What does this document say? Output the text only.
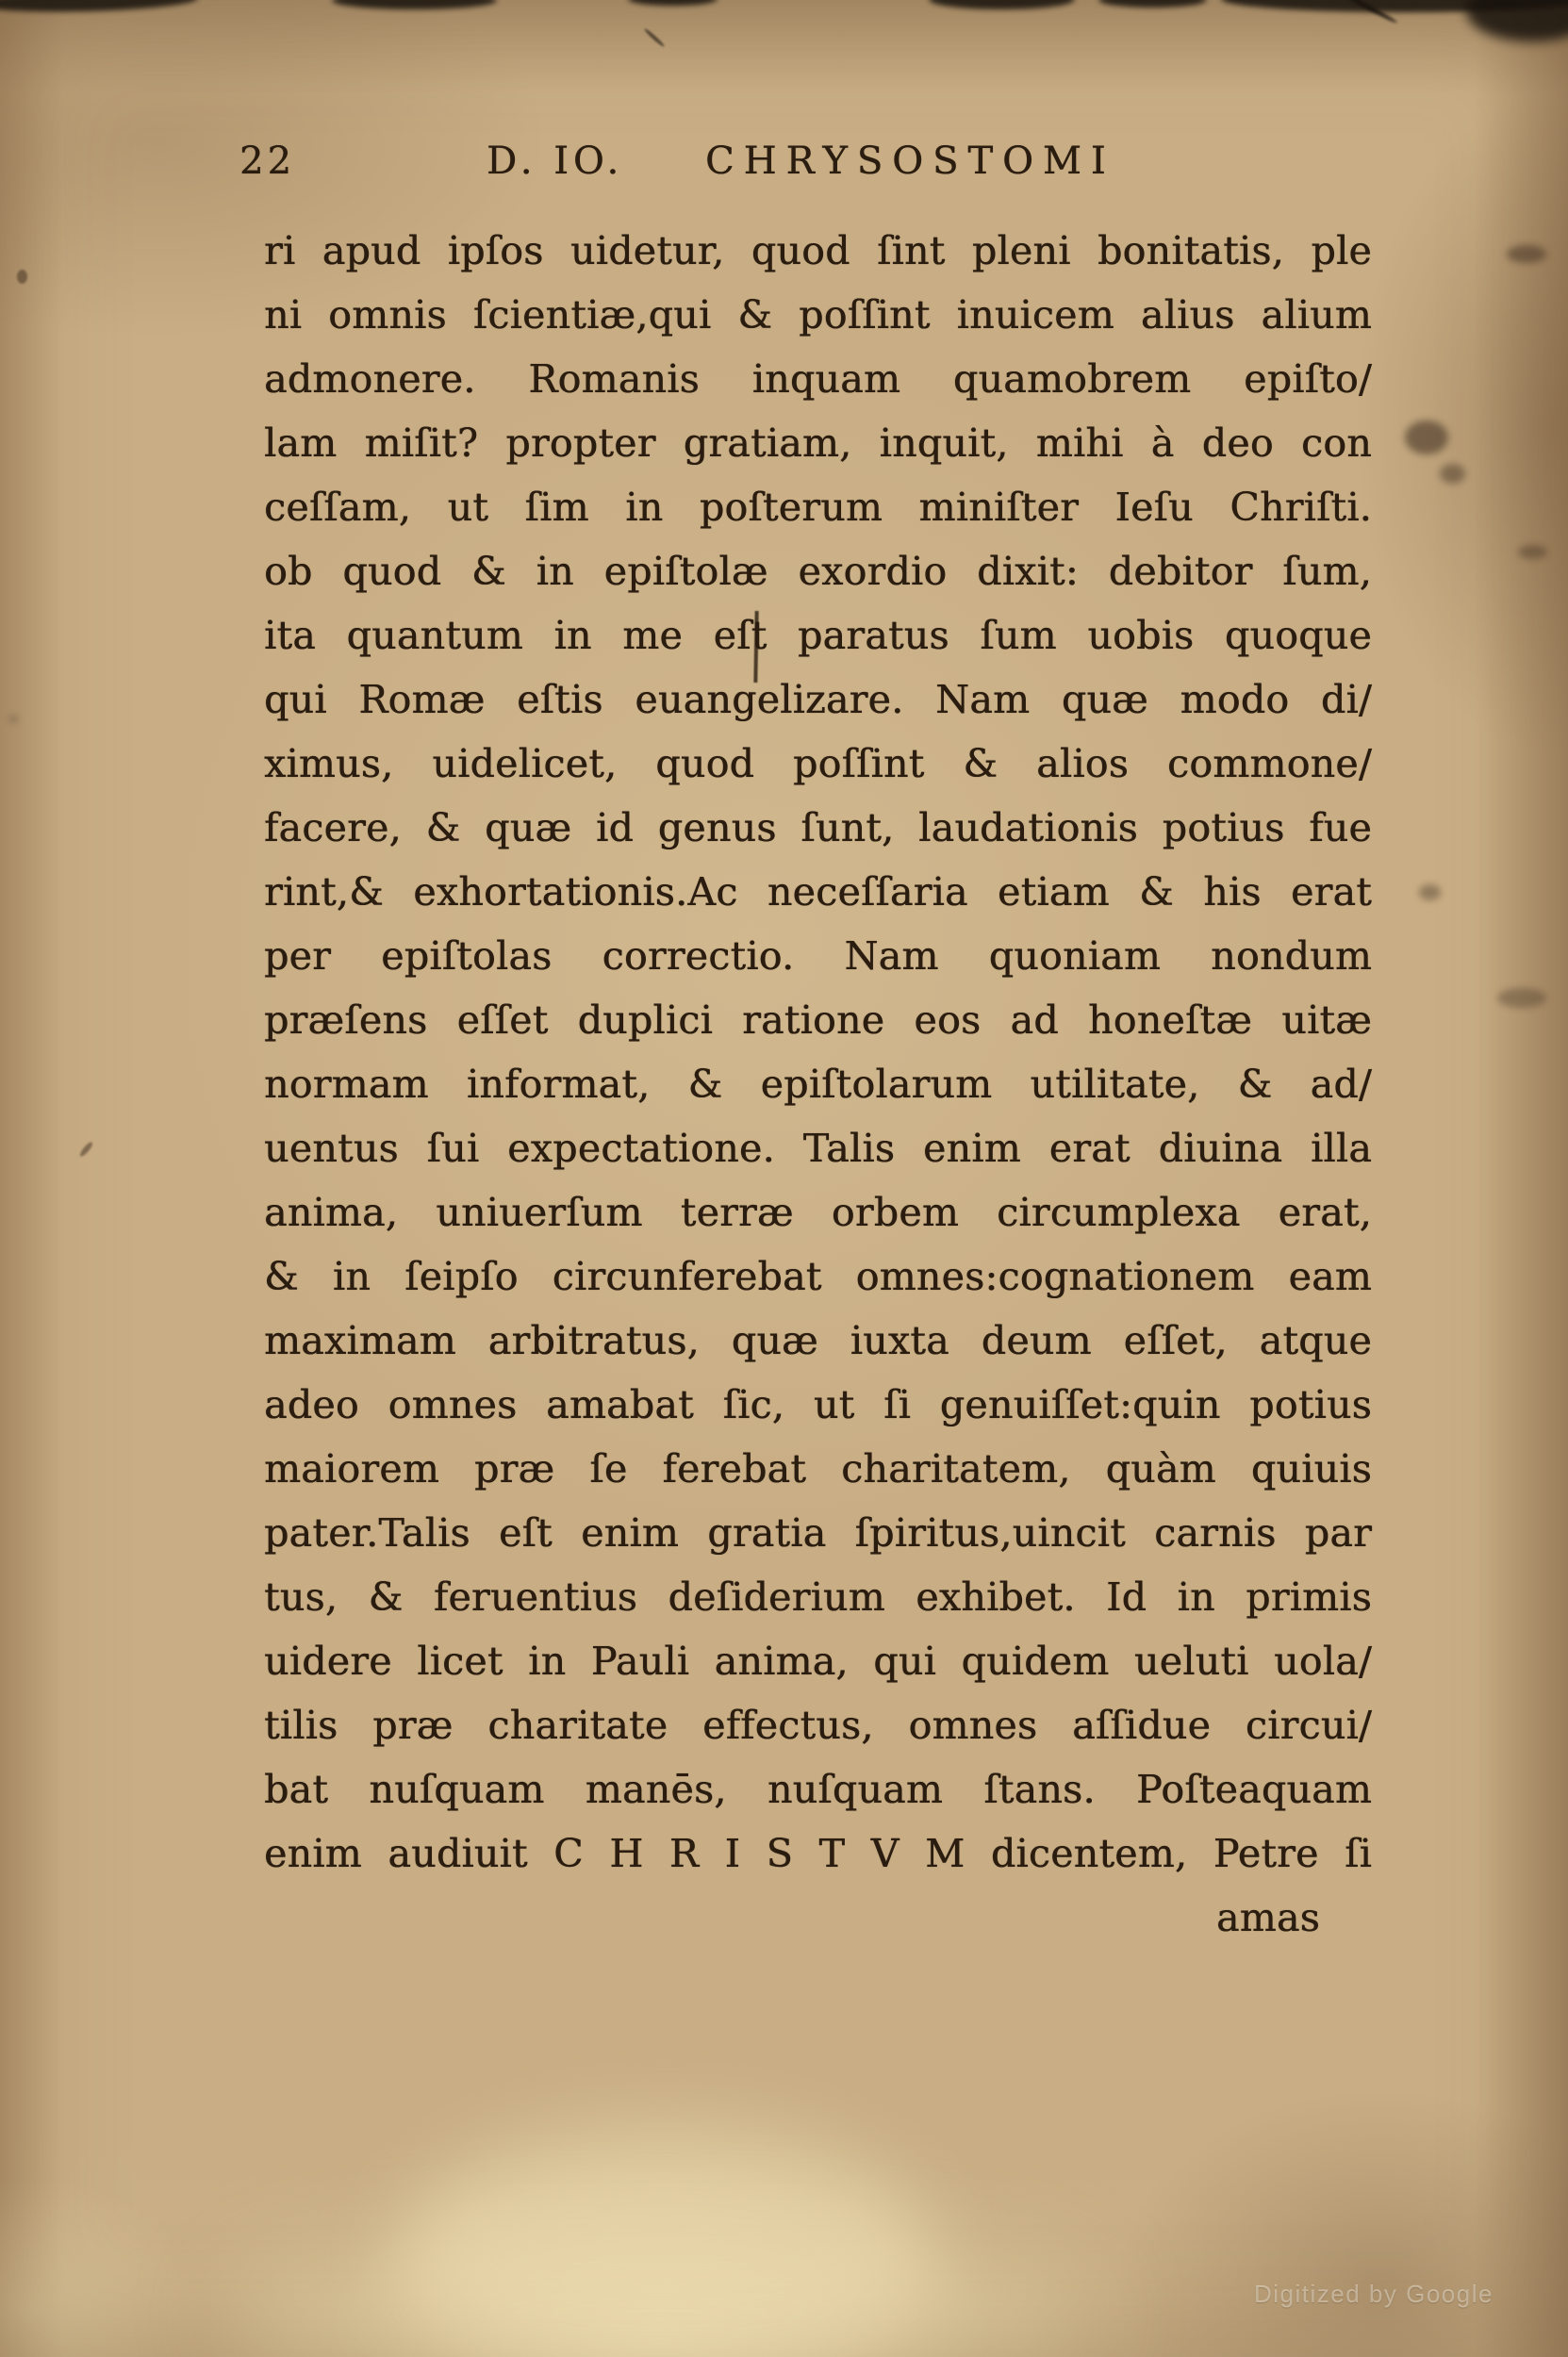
22	D. IO. CHRYSOSTOMI
ri apud ipſos uidetur, quod ſint pleni bonitatis, ple
ni omnis ſcientiæ,qui & poſſint inuicem alius alium
admonere. Romanis inquam quamobrem epiſto/
lam miſit? propter gratiam, inquit, mihi à deo con
ceſſam, ut ſim in poſterum miniſter Ieſu Chriſti.
ob quod & in epiſtolæ exordio dixit: debitor ſum,
ita quantum in me eſt paratus ſum uobis quoque
qui Romæ eſtis euangelizare. Nam quæ modo di/
ximus, uidelicet, quod poſſint & alios commone/
facere, & quæ id genus ſunt, laudationis potius fue
rint,& exhortationis.Ac neceſſaria etiam & his erat
per epiſtolas correctio. Nam quoniam nondum
præſens eſſet duplici ratione eos ad honeſtæ uitæ
normam informat, & epiſtolarum utilitate, & ad/
uentus ſui expectatione. Talis enim erat diuina illa
anima, uniuerſum terræ orbem circumplexa erat,
& in ſeipſo circunferebat omnes:cognationem eam
maximam arbitratus, quæ iuxta deum eſſet, atque
adeo omnes amabat ſic, ut ſi genuiſſet:quin potius
maiorem præ ſe ferebat charitatem, quàm quiuis
pater.Talis eſt enim gratia ſpiritus,uincit carnis par
tus, & feruentius deſiderium exhibet. Id in primis
uidere licet in Pauli anima, qui quidem ueluti uola/
tilis præ charitate effectus, omnes aſſidue circui/
bat nuſquam manēs, nuſquam ſtans. Poſteaquam
enim audiuit C H R I S T V M dicentem, Petre ſi
amas
Digitized by Google
